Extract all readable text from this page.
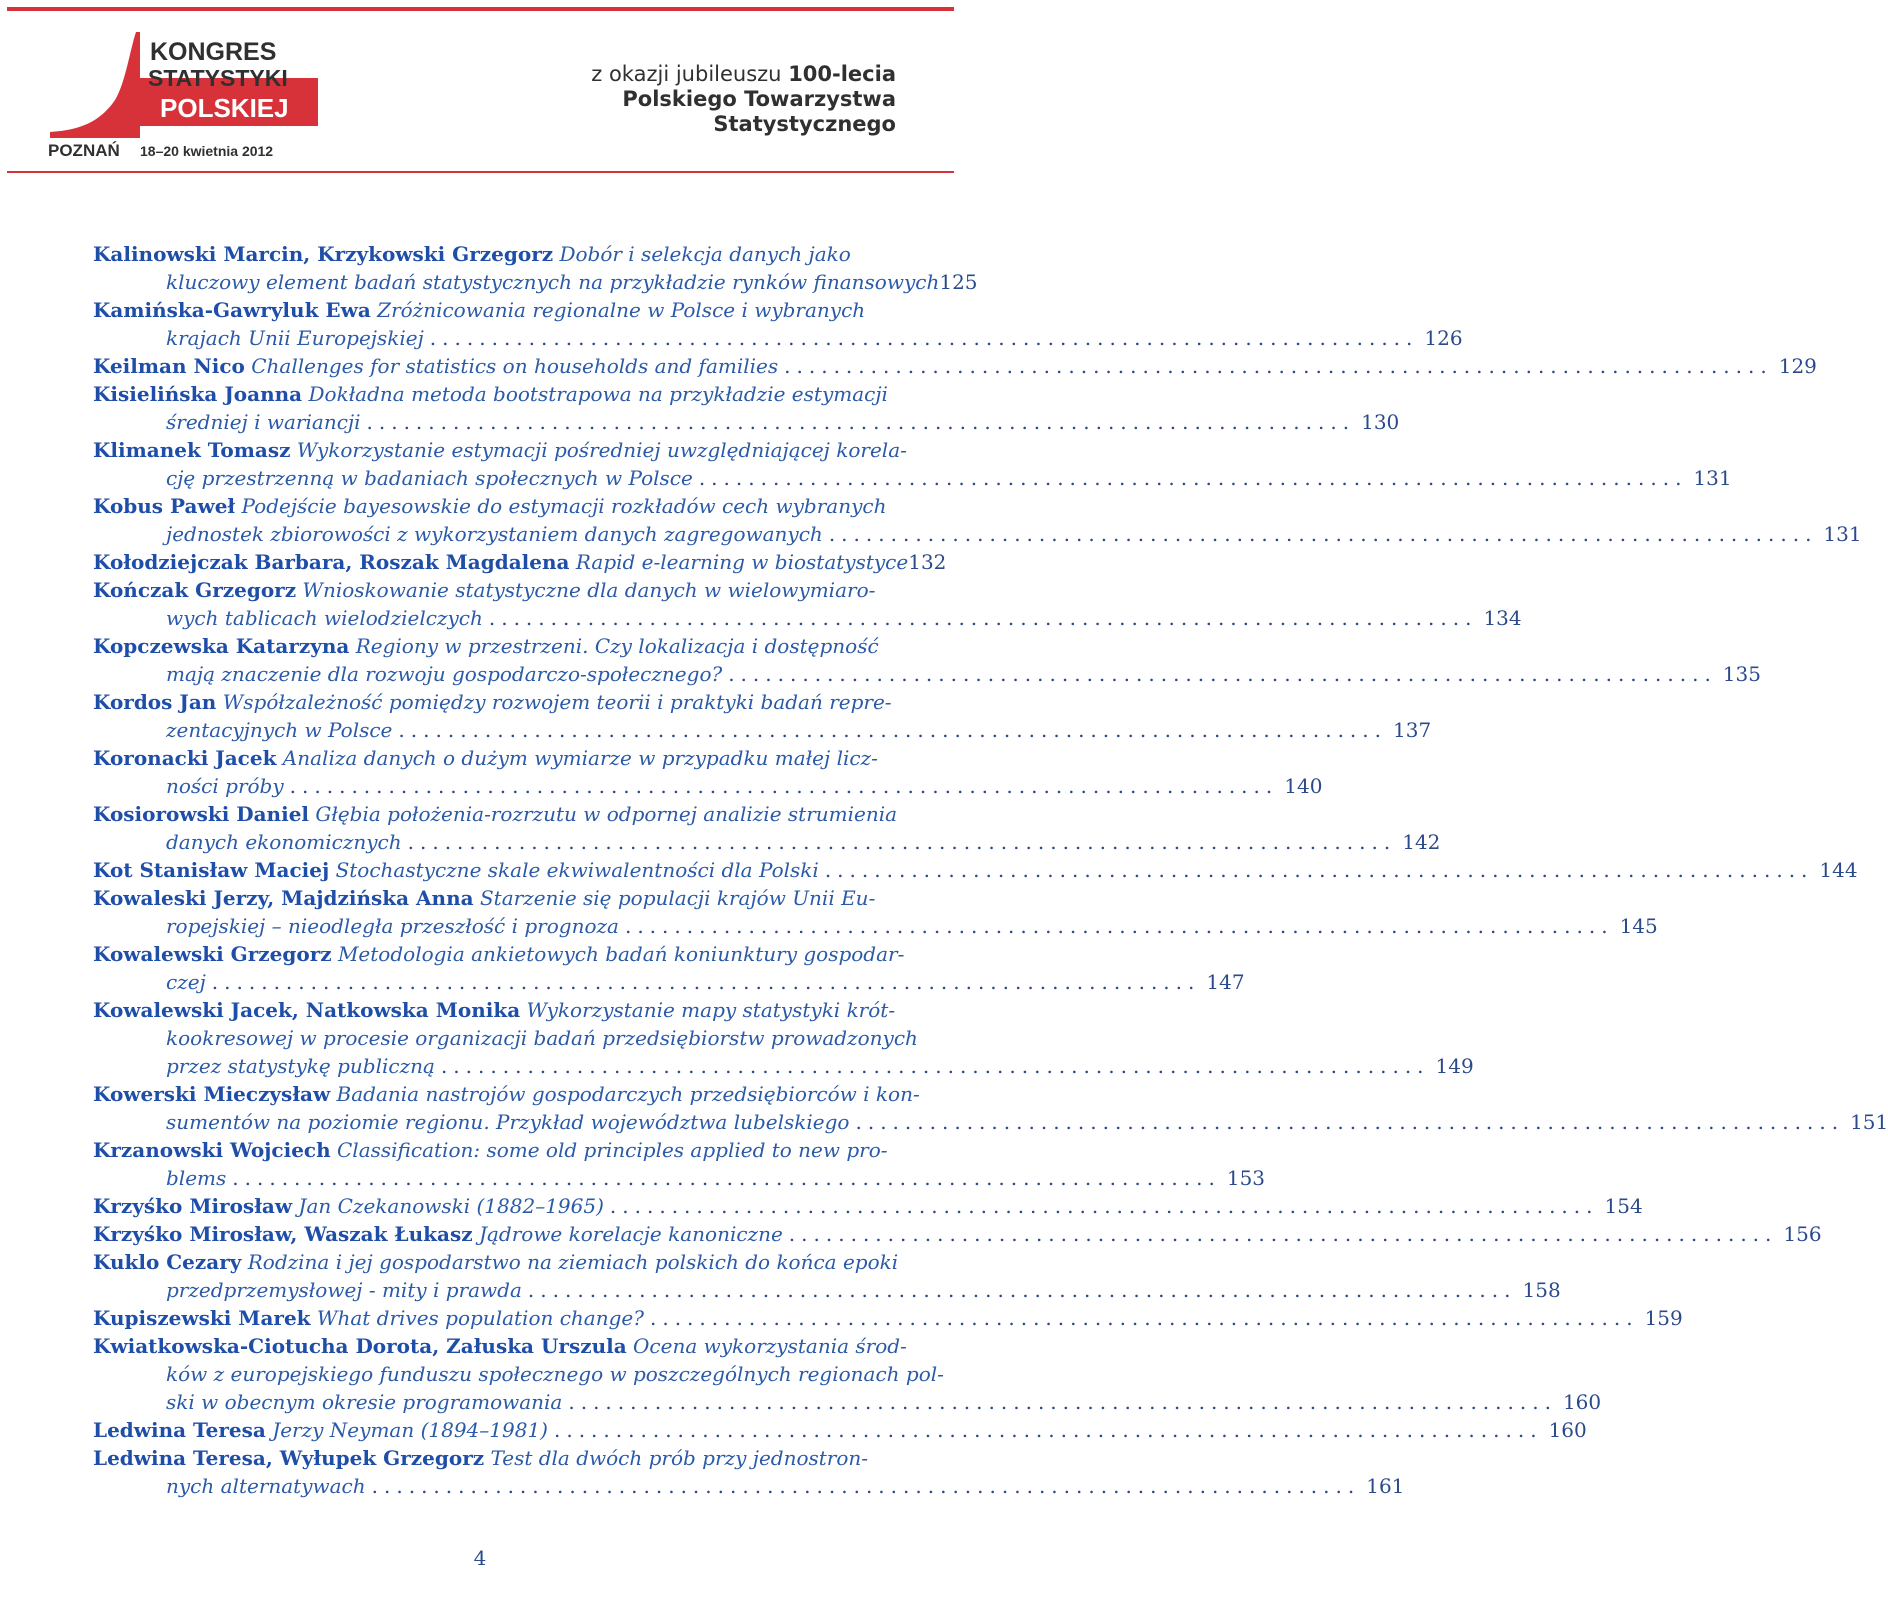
KONGRES
STATYSTYKI
POLSKIEJ
POZNAŃ 18–20 kwietnia 2012
z okazji jubileuszu 100-lecia
Polskiego Towarzystwa
Statystycznego
Kalinowski Marcin, Krzykowski Grzegorz Dobór i selekcja danych jako
kluczowy element badań statystycznych na przykładzie rynków finansowych 125
Kamińska-Gawryluk Ewa Zróżnicowania regionalne w Polsce i wybranych
krajach Unii Europejskiej ................................................................................ 126
Keilman Nico Challenges for statistics on households and families ................................................................................ 129
Kisielińska Joanna Dokładna metoda bootstrapowa na przykładzie estymacji
średniej i wariancji ................................................................................ 130
Klimanek Tomasz Wykorzystanie estymacji pośredniej uwzględniającej korela-
cję przestrzenną w badaniach społecznych w Polsce ................................................................................ 131
Kobus Paweł Podejście bayesowskie do estymacji rozkładów cech wybranych
jednostek zbiorowości z wykorzystaniem danych zagregowanych ................................................................................ 131
Kołodziejczak Barbara, Roszak Magdalena Rapid e-learning w biostatystyce 132
Kończak Grzegorz Wnioskowanie statystyczne dla danych w wielowymiaro-
wych tablicach wielodzielczych ................................................................................ 134
Kopczewska Katarzyna Regiony w przestrzeni. Czy lokalizacja i dostępność
mają znaczenie dla rozwoju gospodarczo-społecznego? ................................................................................ 135
Kordos Jan Współzależność pomiędzy rozwojem teorii i praktyki badań repre-
zentacyjnych w Polsce ................................................................................ 137
Koronacki Jacek Analiza danych o dużym wymiarze w przypadku małej licz-
ności próby ................................................................................ 140
Kosiorowski Daniel Głębia położenia-rozrzutu w odpornej analizie strumienia
danych ekonomicznych ................................................................................ 142
Kot Stanisław Maciej Stochastyczne skale ekwiwalentności dla Polski ................................................................................ 144
Kowaleski Jerzy, Majdzińska Anna Starzenie się populacji krajów Unii Eu-
ropejskiej – nieodległa przeszłość i prognoza ................................................................................ 145
Kowalewski Grzegorz Metodologia ankietowych badań koniunktury gospodar-
czej ................................................................................ 147
Kowalewski Jacek, Natkowska Monika Wykorzystanie mapy statystyki krót-
kookresowej w procesie organizacji badań przedsiębiorstw prowadzonych
przez statystykę publiczną ................................................................................ 149
Kowerski Mieczysław Badania nastrojów gospodarczych przedsiębiorców i kon-
sumentów na poziomie regionu. Przykład województwa lubelskiego ................................................................................ 151
Krzanowski Wojciech Classification: some old principles applied to new pro-
blems ................................................................................ 153
Krzyśko Mirosław Jan Czekanowski (1882–1965) ................................................................................ 154
Krzyśko Mirosław, Waszak Łukasz Jądrowe korelacje kanoniczne ................................................................................ 156
Kuklo Cezary Rodzina i jej gospodarstwo na ziemiach polskich do końca epoki
przedprzemysłowej - mity i prawda ................................................................................ 158
Kupiszewski Marek What drives population change? ................................................................................ 159
Kwiatkowska-Ciotucha Dorota, Załuska Urszula Ocena wykorzystania środ-
ków z europejskiego funduszu społecznego w poszczególnych regionach pol-
ski w obecnym okresie programowania ................................................................................ 160
Ledwina Teresa Jerzy Neyman (1894–1981) ................................................................................ 160
Ledwina Teresa, Wyłupek Grzegorz Test dla dwóch prób przy jednostron-
nych alternatywach ................................................................................ 161
4
